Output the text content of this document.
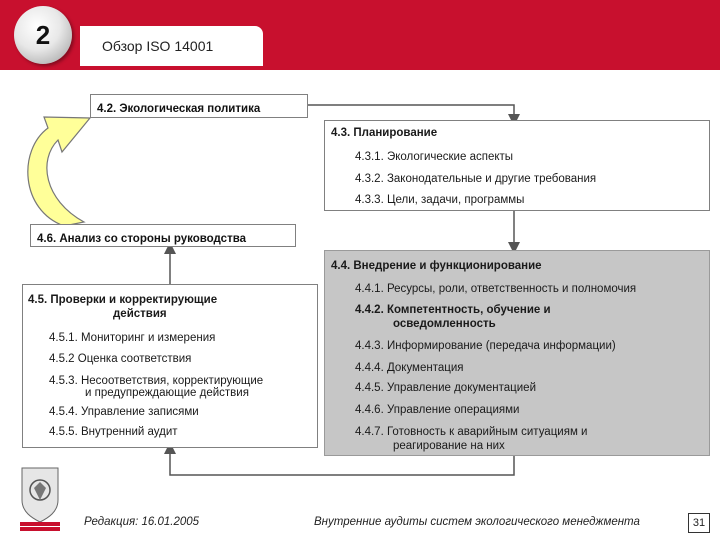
2	Обзор ISO 14001
4.2. Экологическая политика
4.3. Планирование
4.3.1. Экологические аспекты
4.3.2. Законодательные и другие требования
4.3.3. Цели, задачи, программы
4.6. Анализ со стороны руководства
4.5. Проверки и корректирующие
действия
4.5.1. Мониторинг и измерения
4.5.2 Оценка соответствия
4.5.3. Несоответствия, корректирующие
и предупреждающие действия
4.5.4. Управление записями
4.5.5. Внутренний аудит
4.4. Внедрение и функционирование
4.4.1. Ресурсы, роли, ответственность и полномочия
4.4.2. Компетентность, обучение и
осведомленность
4.4.3. Информирование (передача информации)
4.4.4. Документация
4.4.5. Управление документацией
4.4.6. Управление операциями
4.4.7. Готовность к аварийным ситуациям и
реагирование на них
Редакция: 16.01.2005	Внутренние аудиты систем экологического менеджмента	31
